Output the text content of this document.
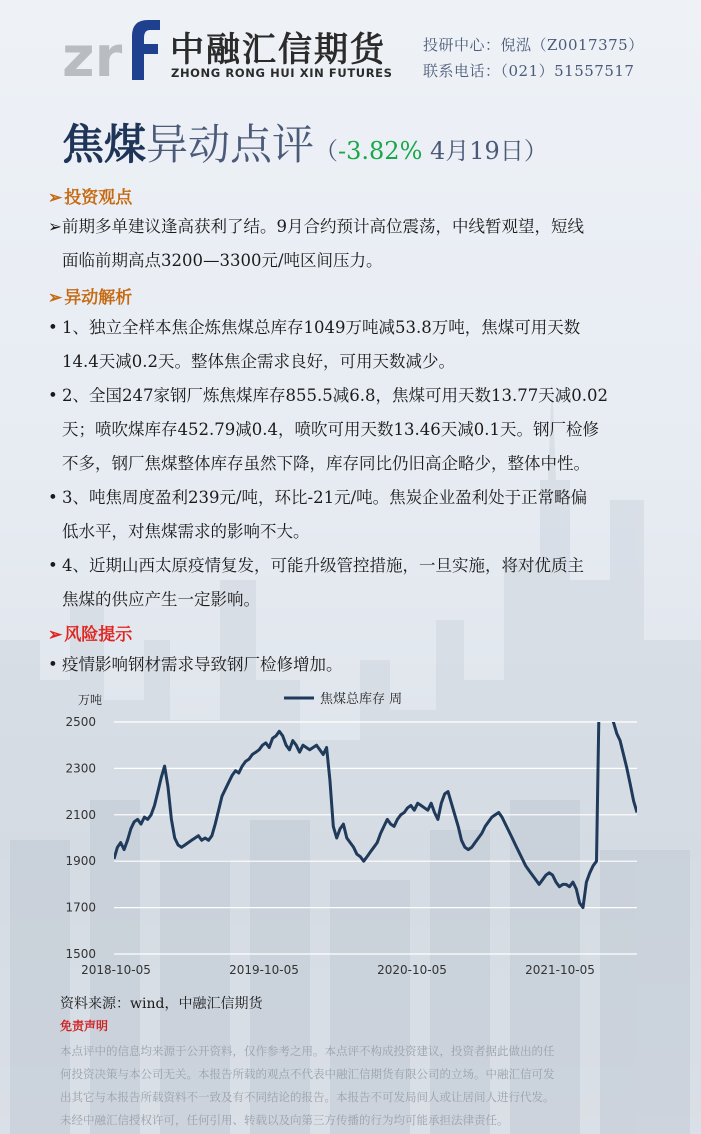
zr 中融汇信期货
ZHONG RONG HUI XIN FUTURES
投研中心：倪泓（Z0017375）
联系电话：（021）51557517
焦煤异动点评（-3.82% 4月19日）
➢ 投资观点
➢前期多单建议逢高获利了结。9月合约预计高位震荡，中线暂观望，短线
面临前期高点3200—3300元/吨区间压力。
➢ 异动解析
• 1、独立全样本焦企炼焦煤总库存1049万吨减53.8万吨，焦煤可用天数
14.4天减0.2天。整体焦企需求良好，可用天数减少。
• 2、全国247家钢厂炼焦煤库存855.5减6.8，焦煤可用天数13.77天减0.02
天；喷吹煤库存452.79减0.4，喷吹可用天数13.46天减0.1天。钢厂检修
不多，钢厂焦煤整体库存虽然下降，库存同比仍旧高企略少，整体中性。
• 3、吨焦周度盈利239元/吨，环比-21元/吨。焦炭企业盈利处于正常略偏
低水平，对焦煤需求的影响不大。
• 4、近期山西太原疫情复发，可能升级管控措施，一旦实施，将对优质主
焦煤的供应产生一定影响。
➢ 风险提示
• 疫情影响钢材需求导致钢厂检修增加。
万吨
1500
1700
1900
2100
2300
2500
2018-10-05	2019-10-05	2020-10-05	2021-10-05
焦煤总库存 周
资料来源：wind，中融汇信期货
免责声明
本点评中的信息均来源于公开资料，仅作参考之用。本点评不构成投资建议，投资者据此做出的任
何投资决策与本公司无关。本报告所载的观点不代表中融汇信期货有限公司的立场。中融汇信可发
出其它与本报告所载资料不一致及有不同结论的报告。本报告不可发局间人或让居间人进行代发。
未经中融汇信授权许可，任何引用、转载以及向第三方传播的行为均可能承担法律责任。
